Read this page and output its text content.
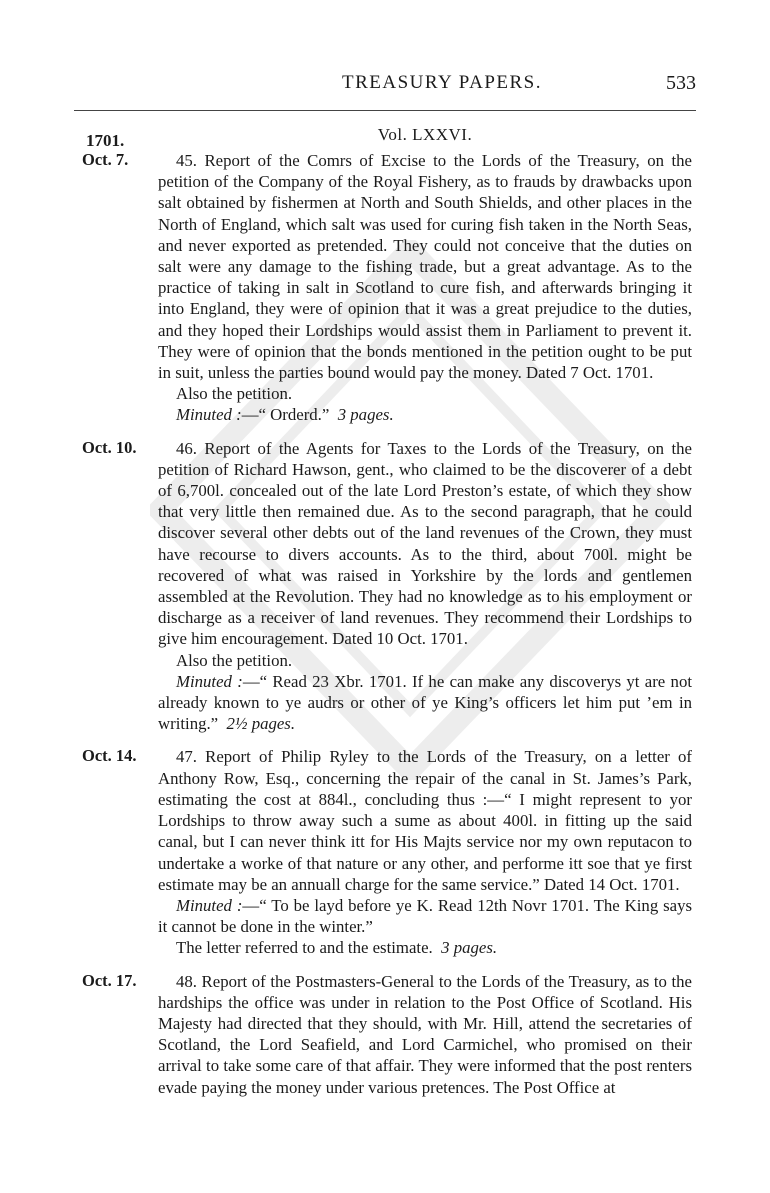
TREASURY PAPERS.	533
Vol. LXXVI.
1701.
Oct. 7.	45. Report of the Comrs of Excise to the Lords of the Treasury, on the petition of the Company of the Royal Fishery, as to frauds by drawbacks upon salt obtained by fishermen at North and South Shields, and other places in the North of England, which salt was used for curing fish taken in the North Seas, and never exported as pretended. They could not conceive that the duties on salt were any damage to the fishing trade, but a great advantage. As to the practice of taking in salt in Scotland to cure fish, and afterwards bringing it into England, they were of opinion that it was a great prejudice to the duties, and they hoped their Lordships would assist them in Parliament to prevent it. They were of opinion that the bonds mentioned in the petition ought to be put in suit, unless the parties bound would pay the money. Dated 7 Oct. 1701.

Also the petition.

Minuted :—“ Orderd.” 3 pages.

Oct. 10.	46. Report of the Agents for Taxes to the Lords of the Treasury, on the petition of Richard Hawson, gent., who claimed to be the discoverer of a debt of 6,700l. concealed out of the late Lord Preston’s estate, of which they show that very little then remained due. As to the second paragraph, that he could discover several other debts out of the land revenues of the Crown, they must have recourse to divers accounts. As to the third, about 700l. might be recovered of what was raised in Yorkshire by the lords and gentlemen assembled at the Revolution. They had no knowledge as to his employment or discharge as a receiver of land revenues. They recommend their Lordships to give him encouragement. Dated 10 Oct. 1701.

Also the petition.

Minuted :—“ Read 23 Xbr. 1701. If he can make any discoverys yt are not already known to ye audrs or other of ye King’s officers let him put ’em in writing.” 2½ pages.

Oct. 14.	47. Report of Philip Ryley to the Lords of the Treasury, on a letter of Anthony Row, Esq., concerning the repair of the canal in St. James’s Park, estimating the cost at 884l., concluding thus :—“ I might represent to yor Lordships to throw away such a sume as about 400l. in fitting up the said canal, but I can never think itt for His Majts service nor my own reputacon to undertake a worke of that nature or any other, and performe itt soe that ye first estimate may be an annuall charge for the same service.” Dated 14 Oct. 1701.

Minuted :—“ To be layd before ye K. Read 12th Novr 1701. The King says it cannot be done in the winter.”

The letter referred to and the estimate. 3 pages.

Oct. 17.	48. Report of the Postmasters-General to the Lords of the Treasury, as to the hardships the office was under in relation to the Post Office of Scotland. His Majesty had directed that they should, with Mr. Hill, attend the secretaries of Scotland, the Lord Seafield, and Lord Carmichel, who promised on their arrival to take some care of that affair. They were informed that the post renters evade paying the money under various pretences. The Post Office at
